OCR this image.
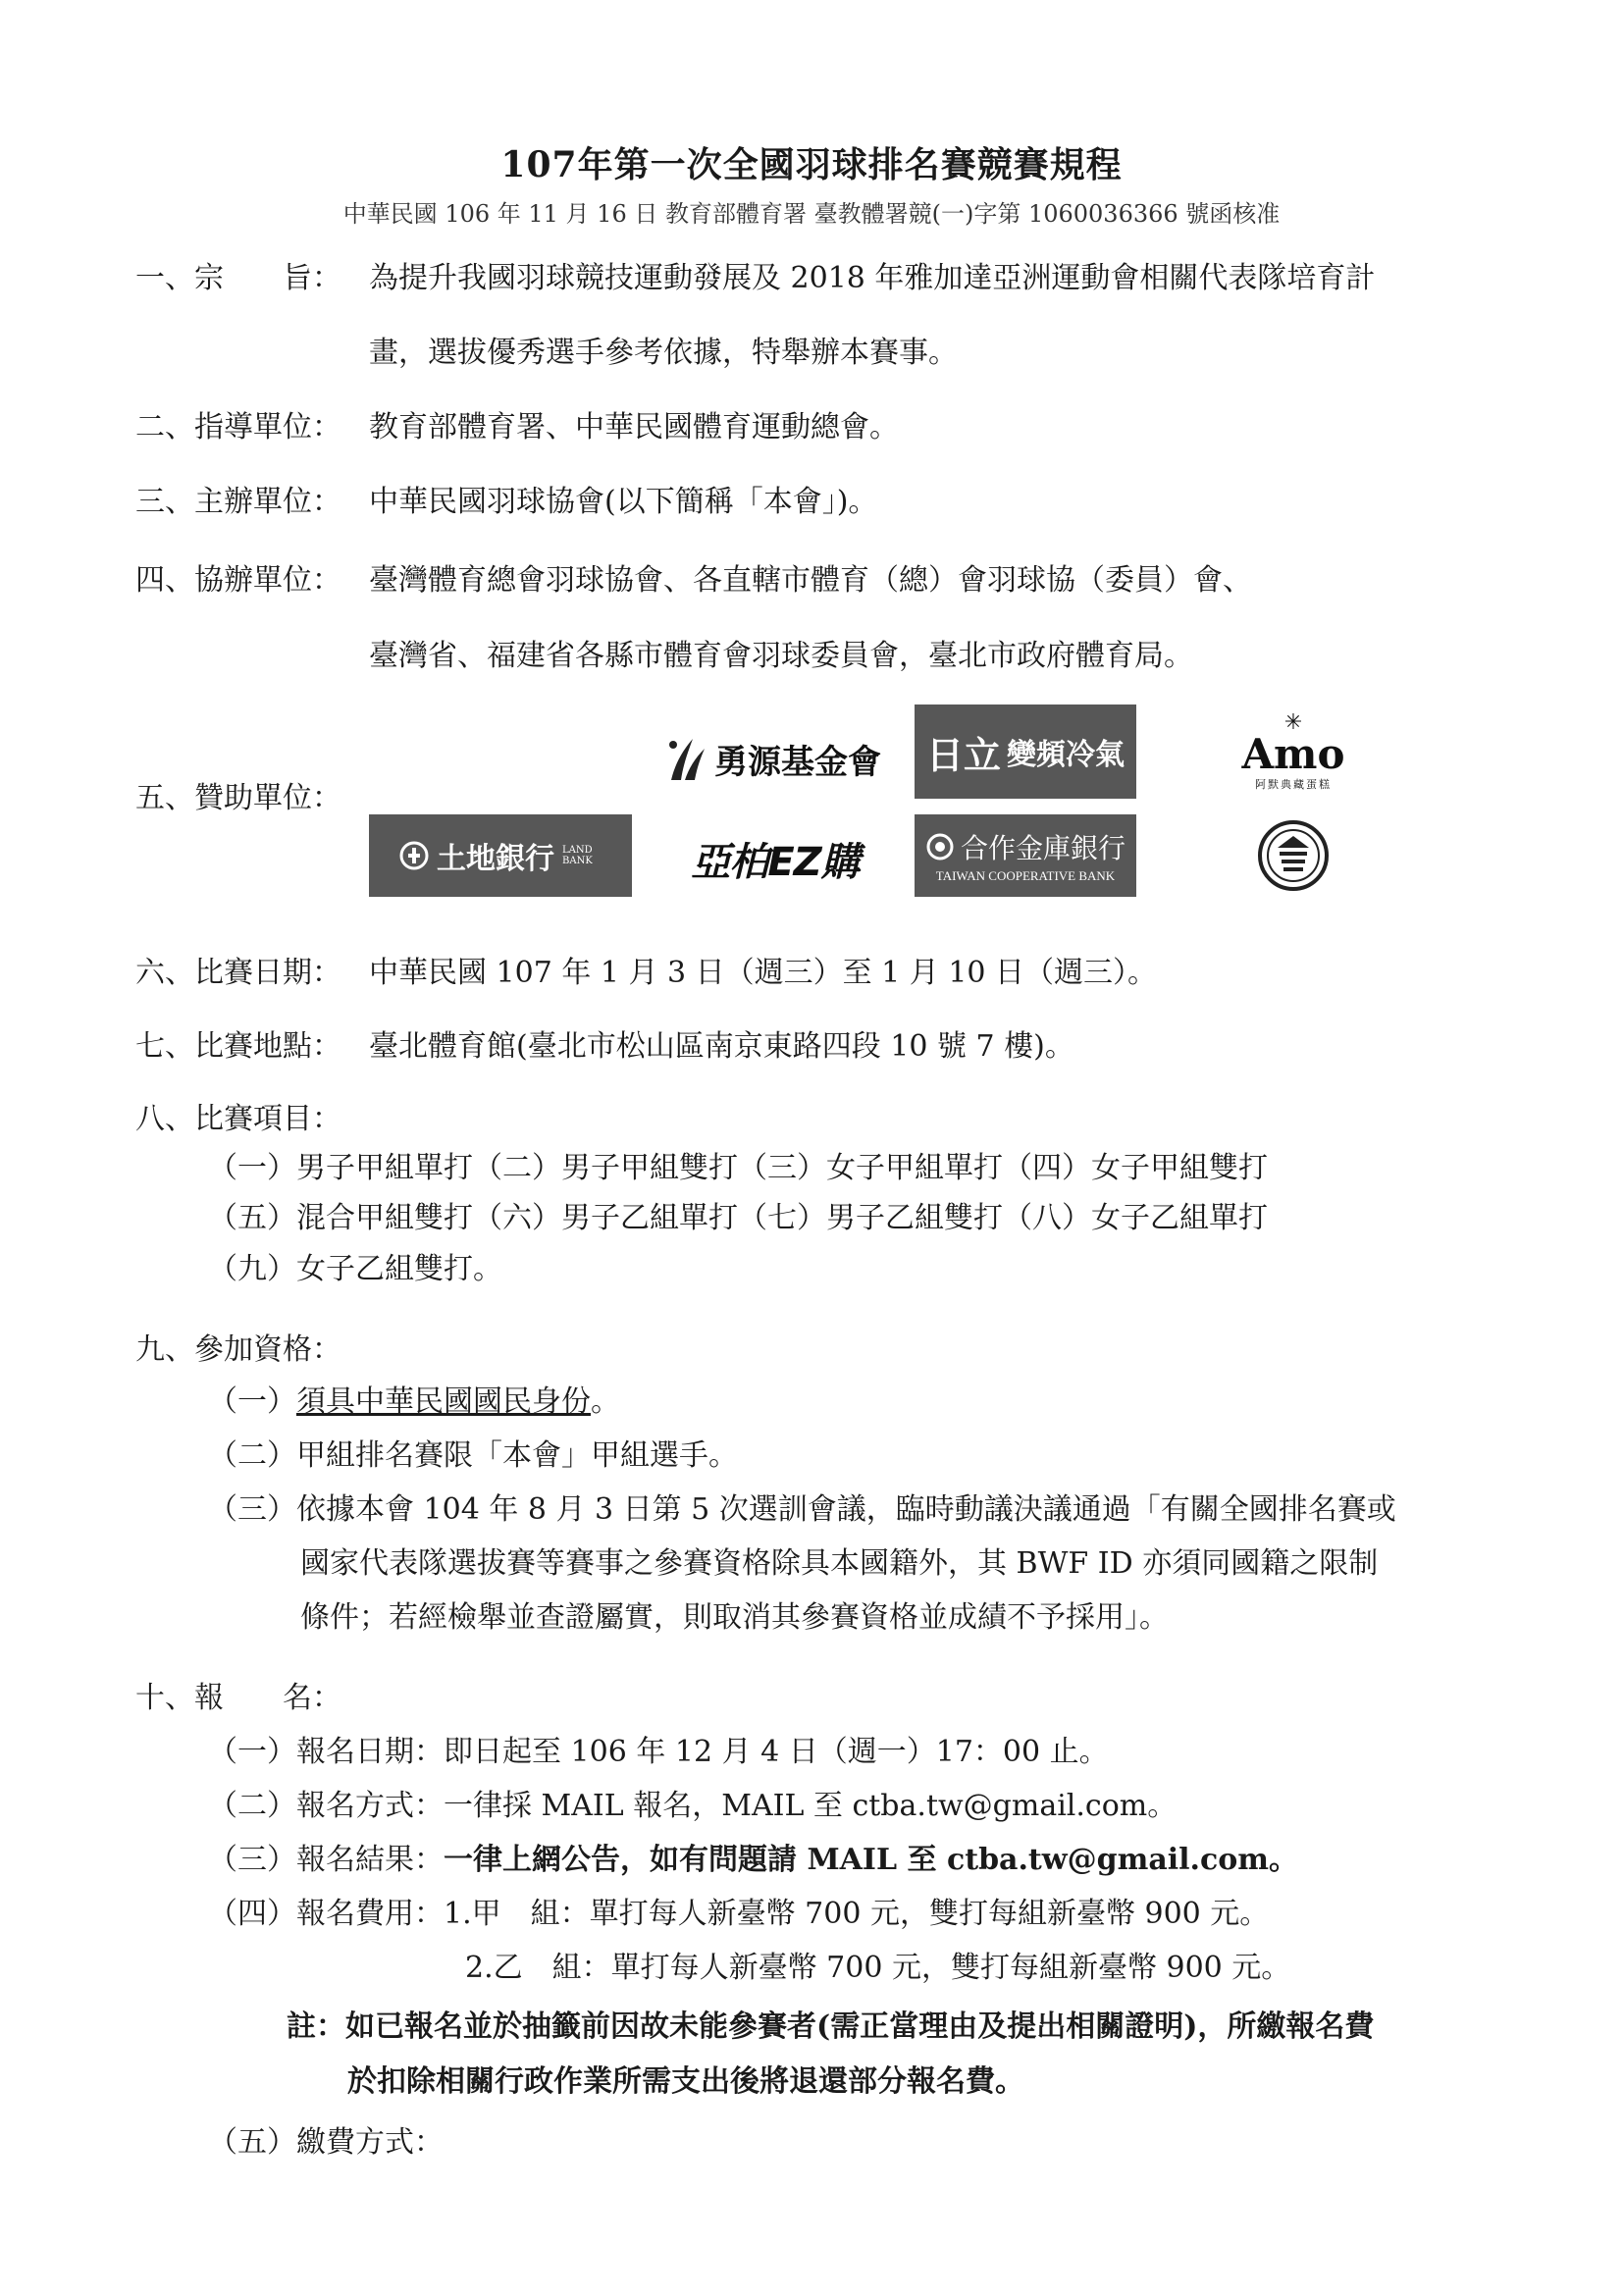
107年第一次全國羽球排名賽競賽規程
中華民國 106 年 11 月 16 日 教育部體育署 臺教體署競(一)字第 1060036366 號函核准
一、宗　　旨： 為提升我國羽球競技運動發展及 2018 年雅加達亞洲運動會相關代表隊培育計
畫，選拔優秀選手參考依據，特舉辦本賽事。
二、指導單位： 教育部體育署、中華民國體育運動總會。
三、主辦單位： 中華民國羽球協會(以下簡稱「本會」)。
四、協辦單位： 臺灣體育總會羽球協會、各直轄市體育（總）會羽球協（委員）會、
臺灣省、福建省各縣市體育會羽球委員會，臺北市政府體育局。
五、贊助單位：
勇源基金會 日立 變頻冷氣
✳
Amo
阿默典藏蛋糕
土地銀行 LAND BANK	亞柏EZ購	合作金庫銀行
TAIWAN COOPERATIVE BANK
六、比賽日期： 中華民國 107 年 1 月 3 日（週三）至 1 月 10 日（週三）。
七、比賽地點： 臺北體育館(臺北市松山區南京東路四段 10 號 7 樓)。
八、比賽項目：
（一）男子甲組單打（二）男子甲組雙打（三）女子甲組單打（四）女子甲組雙打
（五）混合甲組雙打（六）男子乙組單打（七）男子乙組雙打（八）女子乙組單打
（九）女子乙組雙打。
九、參加資格：
（一）須具中華民國國民身份。
（二）甲組排名賽限「本會」甲組選手。
（三）依據本會 104 年 8 月 3 日第 5 次選訓會議，臨時動議決議通過「有關全國排名賽或
國家代表隊選拔賽等賽事之參賽資格除具本國籍外，其 BWF ID 亦須同國籍之限制
條件；若經檢舉並查證屬實，則取消其參賽資格並成績不予採用」。
十、報　　名：
（一）報名日期：即日起至 106 年 12 月 4 日（週一）17：00 止。
（二）報名方式：一律採 MAIL 報名，MAIL 至 ctba.tw@gmail.com。
（三）報名結果：一律上網公告，如有問題請 MAIL 至 ctba.tw@gmail.com。
（四）報名費用：1.甲　組：單打每人新臺幣 700 元，雙打每組新臺幣 900 元。
2.乙　組：單打每人新臺幣 700 元，雙打每組新臺幣 900 元。
註：如已報名並於抽籤前因故未能參賽者(需正當理由及提出相關證明)，所繳報名費
於扣除相關行政作業所需支出後將退還部分報名費。
（五）繳費方式：
